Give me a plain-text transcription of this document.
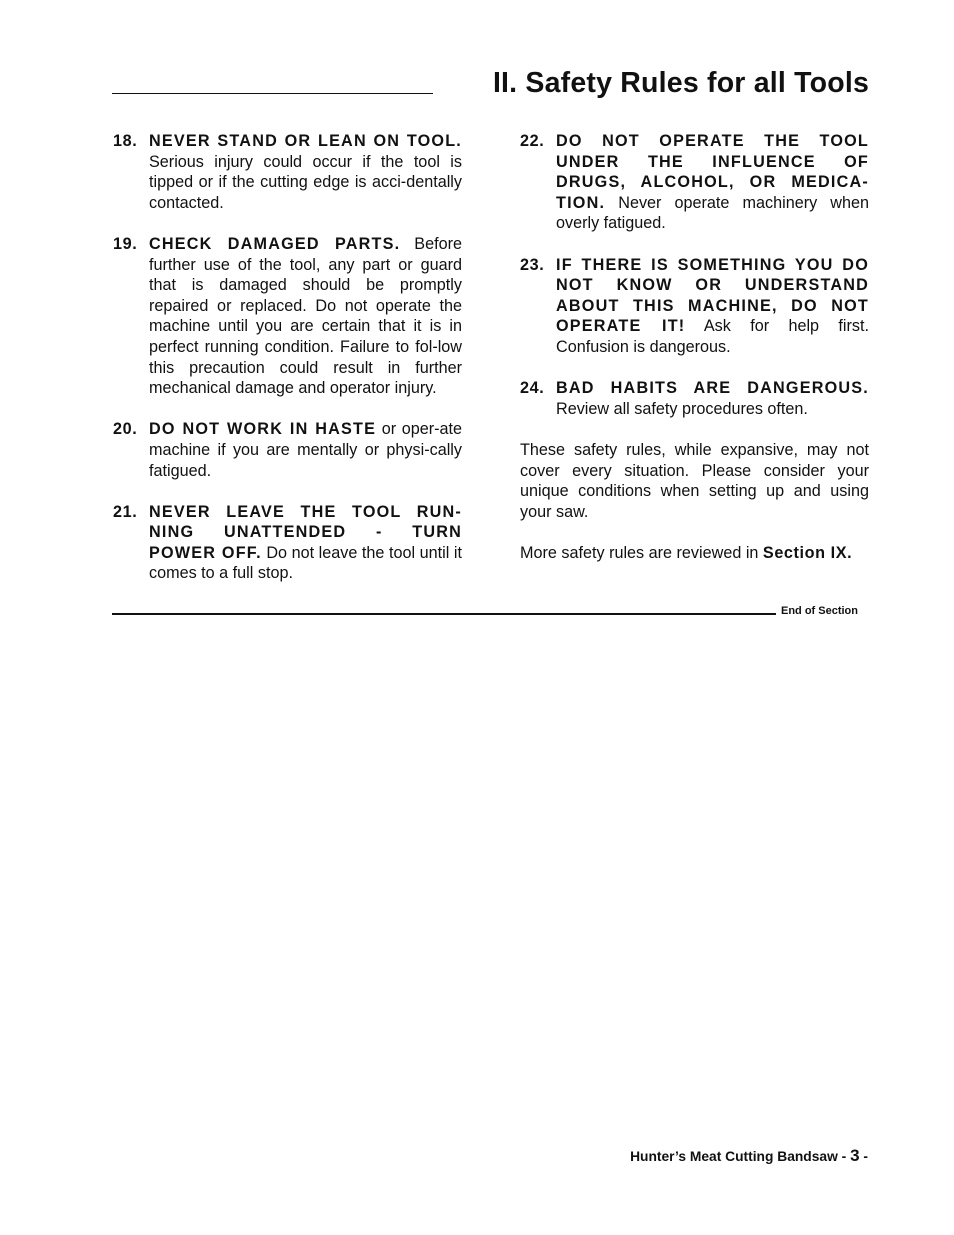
II. Safety Rules for all Tools
18. NEVER STAND OR LEAN ON TOOL. Serious injury could occur if the tool is tipped or if the cutting edge is acci-dentally contacted.
19. CHECK DAMAGED PARTS. Before further use of the tool, any part or guard that is damaged should be promptly repaired or replaced. Do not operate the machine until you are certain that it is in perfect running condition. Failure to fol-low this precaution could result in further mechanical damage and operator injury.
20. DO NOT WORK IN HASTE or oper-ate machine if you are mentally or physi-cally fatigued.
21. NEVER LEAVE THE TOOL RUN-NING UNATTENDED - TURN POWER OFF. Do not leave the tool until it comes to a full stop.
22. DO NOT OPERATE THE TOOL UNDER THE INFLUENCE OF DRUGS, ALCOHOL, OR MEDICA-TION. Never operate machinery when overly fatigued.
23. IF THERE IS SOMETHING YOU DO NOT KNOW OR UNDERSTAND ABOUT THIS MACHINE, DO NOT OPERATE IT! Ask for help first. Confusion is dangerous.
24. BAD HABITS ARE DANGEROUS. Review all safety procedures often.

These safety rules, while expansive, may not cover every situation. Please consider your unique conditions when setting up and using your saw.

More safety rules are reviewed in Section IX.

End of Section
Hunter’s Meat Cutting Bandsaw - 3 -
